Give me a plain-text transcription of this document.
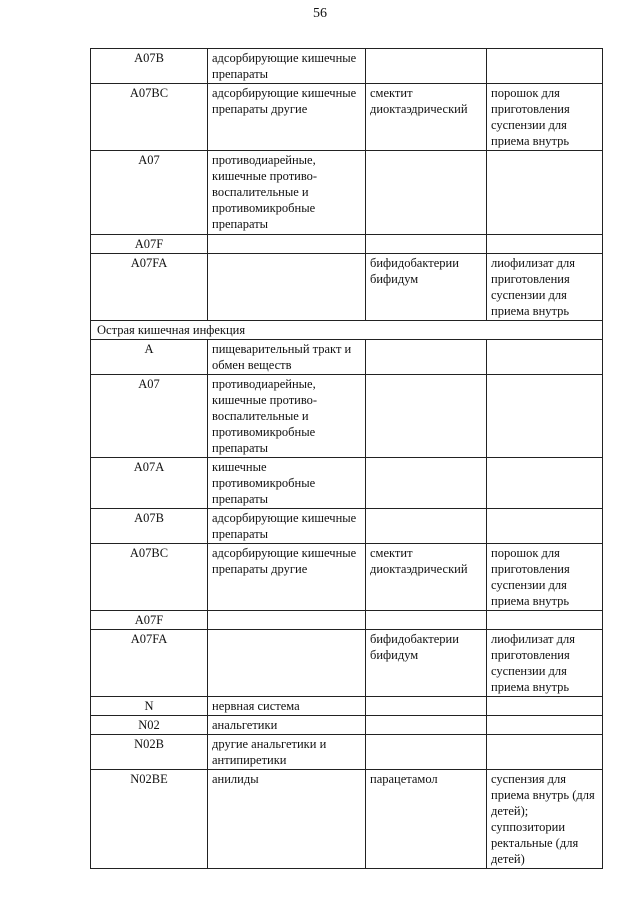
56
A07B	адсорбирующие кишечные препараты		
A07BC	адсорбирующие кишечные препараты другие	смектит диоктаэдрический	порошок для приготовления суспензии для приема внутрь
A07	противодиарейные, кишечные противо-воспалительные и противомикробные препараты		
A07F			
A07FA		бифидобактерии бифидум	лиофилизат для приготовления суспензии для приема внутрь
Острая кишечная инфекция			
A	пищеварительный тракт и обмен веществ		
A07	противодиарейные, кишечные противо-воспалительные и противомикробные препараты		
A07A	кишечные противомикробные препараты		
A07B	адсорбирующие кишечные препараты		
A07BC	адсорбирующие кишечные препараты другие	смектит диоктаэдрический	порошок для приготовления суспензии для приема внутрь
A07F			
A07FA		бифидобактерии бифидум	лиофилизат для приготовления суспензии для приема внутрь
N	нервная система		
N02	анальгетики		
N02B	другие анальгетики и антипиретики		
N02BE	анилиды	парацетамол	суспензия для приема внутрь (для детей); суппозитории ректальные (для детей)
